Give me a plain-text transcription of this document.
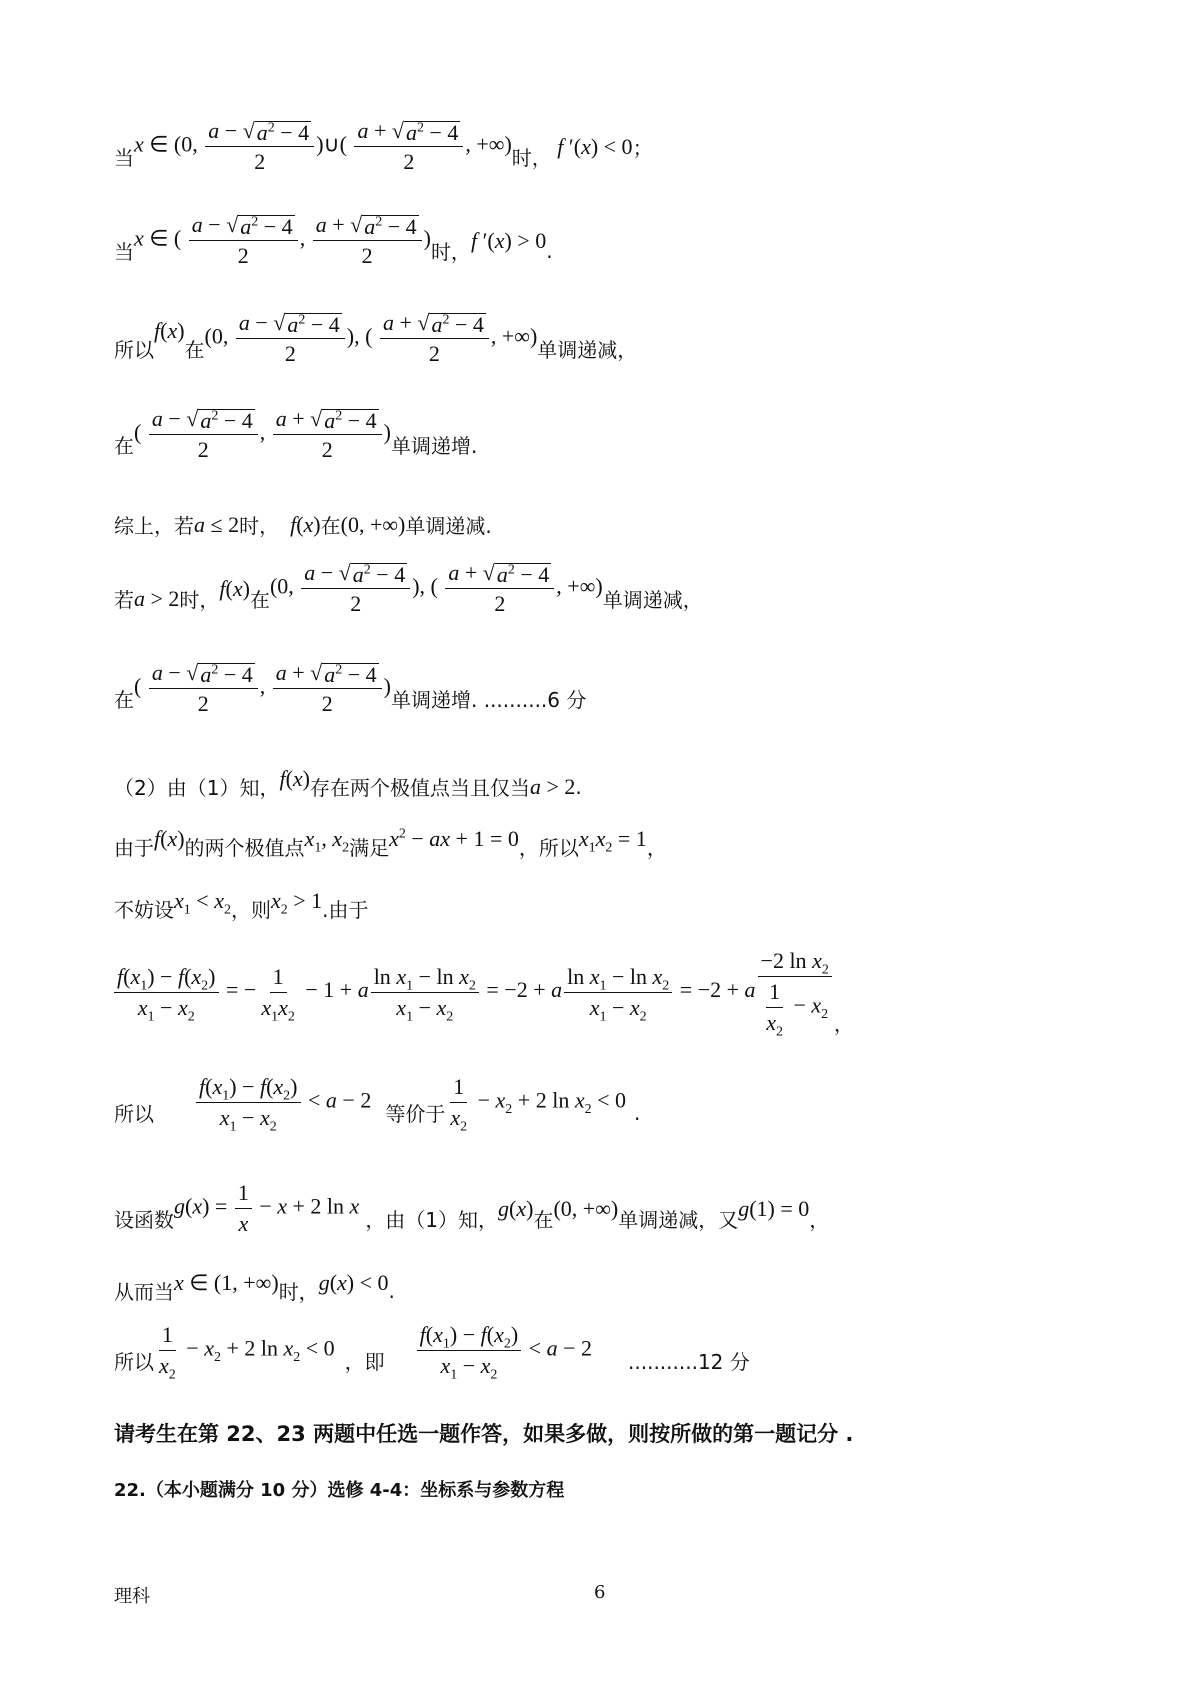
当
x ∈ (0, $\frac{a - √ a^2 - 4}{2}$ )∪( $\frac{a + √ a^2 - 4}{2}$ , +∞)
时， f ′(x) < 0 ；
当
x ∈ ( $\frac{a - √ a^2 - 4}{2}$ , $\frac{a + √ a^2 - 4}{2}$ )
时， f ′(x) > 0 .
所以
f(x)
在
(0, $\frac{a - √ a^2 - 4}{2}$ ), ( $\frac{a + √ a^2 - 4}{2}$ , +∞)
单调递减，
在
( $\frac{a - √ a^2 - 4}{2}$ , $\frac{a + √ a^2 - 4}{2}$ )
单调递增.
综上，若 a ≤ 2 时， f(x) 在 (0, +∞) 单调递减.
若 a > 2 时， f(x) 在
(0, $\frac{a - √ a^2 - 4}{2}$ ), ( $\frac{a + √ a^2 - 4}{2}$ , +∞)
单调递减，
在
( $\frac{a - √ a^2 - 4}{2}$ , $\frac{a + √ a^2 - 4}{2}$ )
单调递增. ..........6 分
（2）由（1）知， f(x) 存在两个极值点当且仅当 a > 2 .
由于 f(x) 的两个极值点 $x_1$, $x_2$ 满足 $x^2$ − ax + 1 = 0 ，所以 $x_1x_2 = 1$ ，
不妨设 $x_1 < x_2$ ，则 $x_2 > 1$ .由于
$\frac{f(x_1) - f(x_2)}{x_1 - x_2}$ = − $\frac{1}{x_1x_2} - 1 + a \frac{\ln x_1 - \ln x_2}{x_1 - x_2} = -2 + a \frac{\ln x_1 - \ln x_2}{x_1 - x_2} = -2 + a \frac{-2 \ln x_2}{\frac{1}{x_2} - x_2}$ ，
所以 $\frac{f(x_1) - f(x_2)}{x_1 - x_2} < a - 2$
等价于 $\frac{1}{x_2} - x_2 + 2$ $\ln x_2 < 0$ .
设函数
$g(x) = \frac{1}{x} - x + 2$ ln x
，由（1）知， g(x) 在 (0, +∞) 单调递减，又 g(1) = 0 ，
从而当 x ∈ (1, +∞) 时， g(x) < 0 .
所以 $\frac{1}{x_2} - x_2 + 2$ $\ln x_2 < 0$
，即 $\frac{f(x_1) - f(x_2)}{x_1 - x_2} < a - 2$
...........12 分
请考生在第 22、23 两题中任选一题作答，如果多做，则按所做的第一题记分 .
22.（本小题满分 10 分）选修 4-4：坐标系与参数方程
理科	6
